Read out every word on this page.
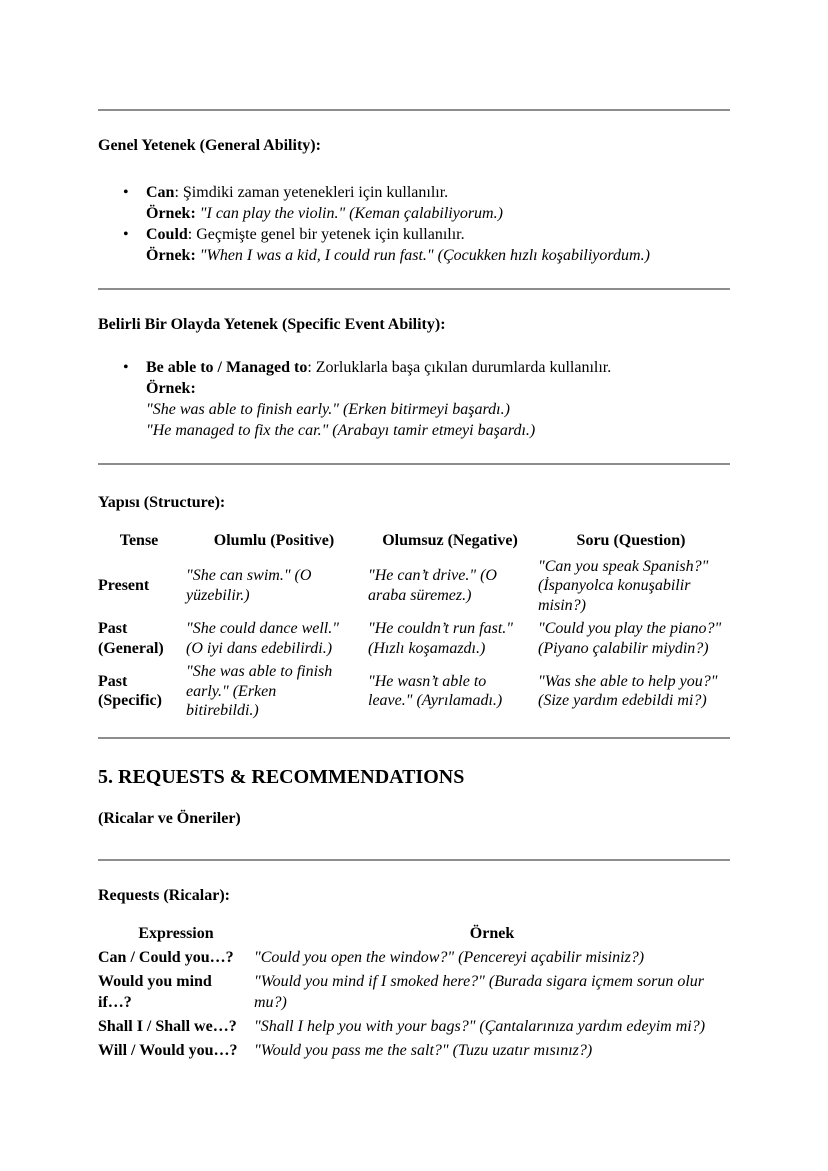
Genel Yetenek (General Ability):
• Can: Şimdiki zaman yetenekleri için kullanılır.
Örnek: "I can play the violin." (Keman çalabiliyorum.)
• Could: Geçmişte genel bir yetenek için kullanılır.
Örnek: "When I was a kid, I could run fast." (Çocukken hızlı koşabiliyordum.)
Belirli Bir Olayda Yetenek (Specific Event Ability):
• Be able to / Managed to: Zorluklarla başa çıkılan durumlarda kullanılır.
Örnek:
"She was able to finish early." (Erken bitirmeyi başardı.)
"He managed to fix the car." (Arabayı tamir etmeyi başardı.)
Yapısı (Structure):
Tense	Olumlu (Positive)	Olumsuz (Negative)	Soru (Question)
Present	"She can swim." (O yüzebilir.)	"He can’t drive." (O araba süremez.)	"Can you speak Spanish?" (İspanyolca konuşabilir misin?)
Past (General)	"She could dance well." (O iyi dans edebilirdi.)	"He couldn’t run fast." (Hızlı koşamazdı.)	"Could you play the piano?" (Piyano çalabilir miydin?)
Past (Specific)	"She was able to finish early." (Erken bitirebildi.)	"He wasn’t able to leave." (Ayrılamadı.)	"Was she able to help you?" (Size yardım edebildi mi?)
5. REQUESTS & RECOMMENDATIONS
(Ricalar ve Öneriler)
Requests (Ricalar):
Expression	Örnek
Can / Could you…?	"Could you open the window?" (Pencereyi açabilir misiniz?)
Would you mind if…?	"Would you mind if I smoked here?" (Burada sigara içmem sorun olur mu?)
Shall I / Shall we…?	"Shall I help you with your bags?" (Çantalarınıza yardım edeyim mi?)
Will / Would you…?	"Would you pass me the salt?" (Tuzu uzatır mısınız?)
